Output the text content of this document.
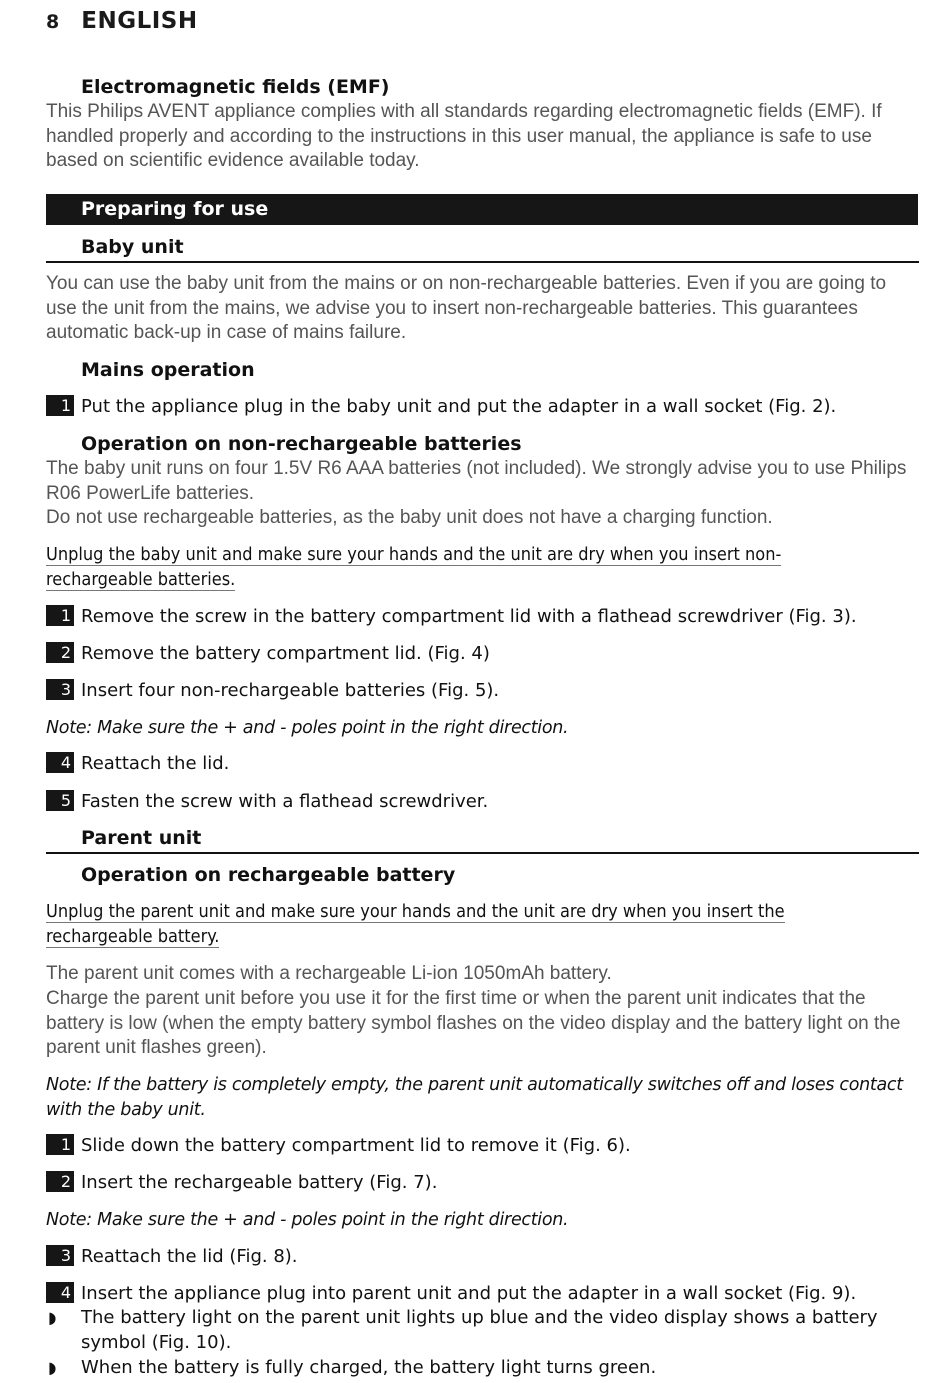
8 ENGLISH
Electromagnetic fields (EMF)
This Philips AVENT appliance complies with all standards regarding electromagnetic fields (EMF). If handled properly and according to the instructions in this user manual, the appliance is safe to use based on scientific evidence available today.
Preparing for use
Baby unit
You can use the baby unit from the mains or on non-rechargeable batteries. Even if you are going to use the unit from the mains, we advise you to insert non-rechargeable batteries. This guarantees automatic back-up in case of mains failure.
Mains operation
1 Put the appliance plug in the baby unit and put the adapter in a wall socket (Fig. 2).
Operation on non-rechargeable batteries
The baby unit runs on four 1.5V R6 AAA batteries (not included). We strongly advise you to use Philips R06 PowerLife batteries.
Do not use rechargeable batteries, as the baby unit does not have a charging function.
Unplug the baby unit and make sure your hands and the unit are dry when you insert non-
rechargeable batteries.
1 Remove the screw in the battery compartment lid with a flathead screwdriver (Fig. 3).
2 Remove the battery compartment lid. (Fig. 4)
3 Insert four non-rechargeable batteries (Fig. 5).
Note: Make sure the + and - poles point in the right direction.
4 Reattach the lid.
5 Fasten the screw with a flathead screwdriver.
Parent unit
Operation on rechargeable battery
Unplug the parent unit and make sure your hands and the unit are dry when you insert the
rechargeable battery.
The parent unit comes with a rechargeable Li-ion 1050mAh battery.
Charge the parent unit before you use it for the first time or when the parent unit indicates that the battery is low (when the empty battery symbol flashes on the video display and the battery light on the parent unit flashes green).
Note: If the battery is completely empty, the parent unit automatically switches off and loses contact with the baby unit.
1 Slide down the battery compartment lid to remove it (Fig. 6).
2 Insert the rechargeable battery (Fig. 7).
Note: Make sure the + and - poles point in the right direction.
3 Reattach the lid (Fig. 8).
4 Insert the appliance plug into parent unit and put the adapter in a wall socket (Fig. 9).
◗ The battery light on the parent unit lights up blue and the video display shows a battery
symbol (Fig. 10).
◗ When the battery is fully charged, the battery light turns green.
